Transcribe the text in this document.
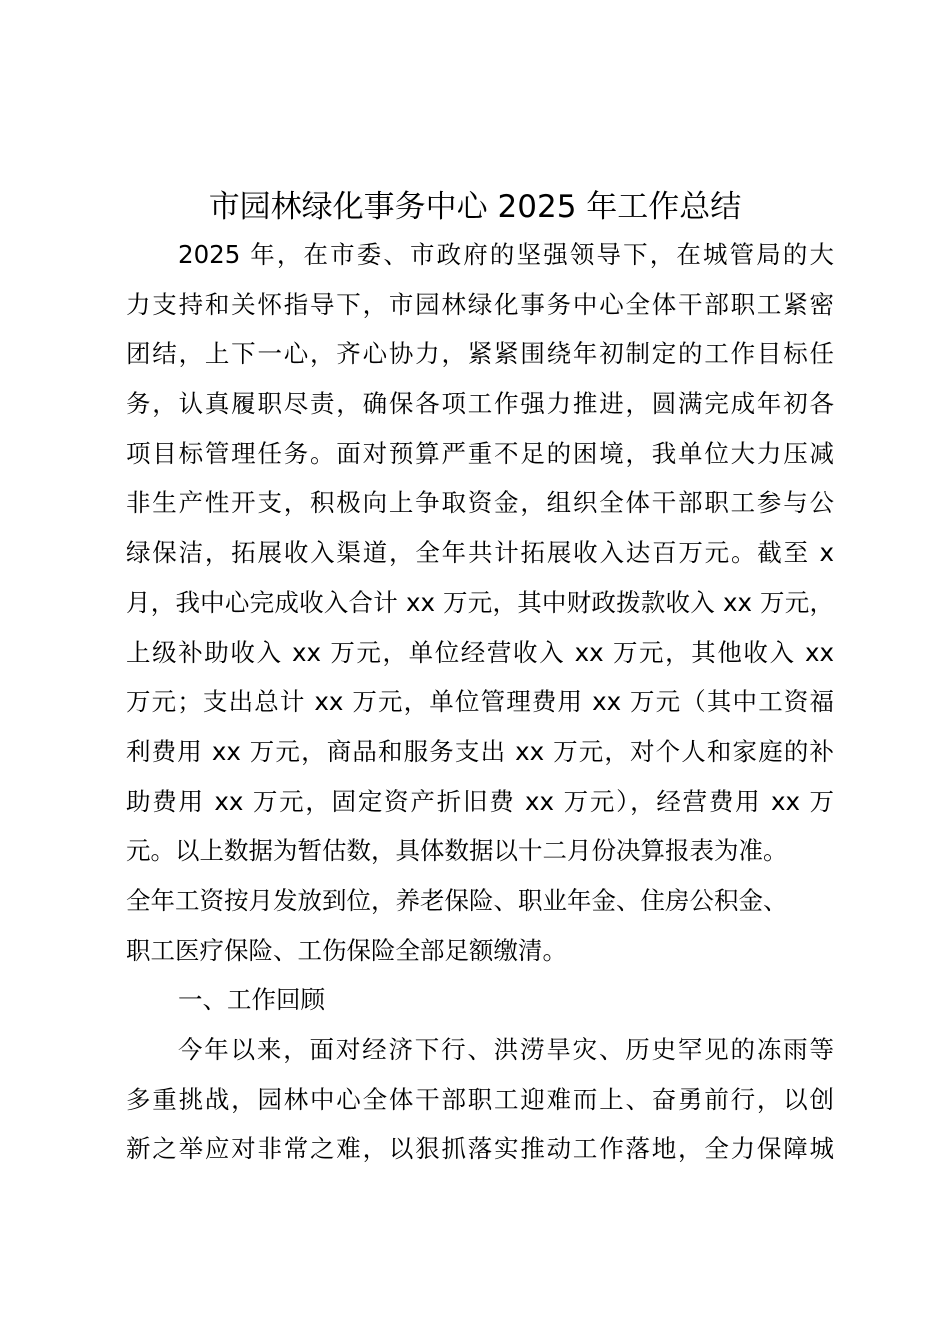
市园林绿化事务中心 2025 年工作总结
2025 年，在市委、市政府的坚强领导下，在城管局的大
力支持和关怀指导下，市园林绿化事务中心全体干部职工紧密
团结，上下一心，齐心协力，紧紧围绕年初制定的工作目标任
务，认真履职尽责，确保各项工作强力推进，圆满完成年初各
项目标管理任务。面对预算严重不足的困境，我单位大力压减
非生产性开支，积极向上争取资金，组织全体干部职工参与公
绿保洁，拓展收入渠道，全年共计拓展收入达百万元。截至 x
月，我中心完成收入合计 xx 万元，其中财政拨款收入 xx 万元，
上级补助收入 xx 万元，单位经营收入 xx 万元，其他收入 xx
万元；支出总计 xx 万元，单位管理费用 xx 万元（其中工资福
利费用 xx 万元，商品和服务支出 xx 万元，对个人和家庭的补
助费用 xx 万元，固定资产折旧费 xx 万元），经营费用 xx 万
元。以上数据为暂估数，具体数据以十二月份决算报表为准。
全年工资按月发放到位，养老保险、职业年金、住房公积金、
职工医疗保险、工伤保险全部足额缴清。
一、工作回顾
今年以来，面对经济下行、洪涝旱灾、历史罕见的冻雨等
多重挑战，园林中心全体干部职工迎难而上、奋勇前行，以创
新之举应对非常之难，以狠抓落实推动工作落地，全力保障城
